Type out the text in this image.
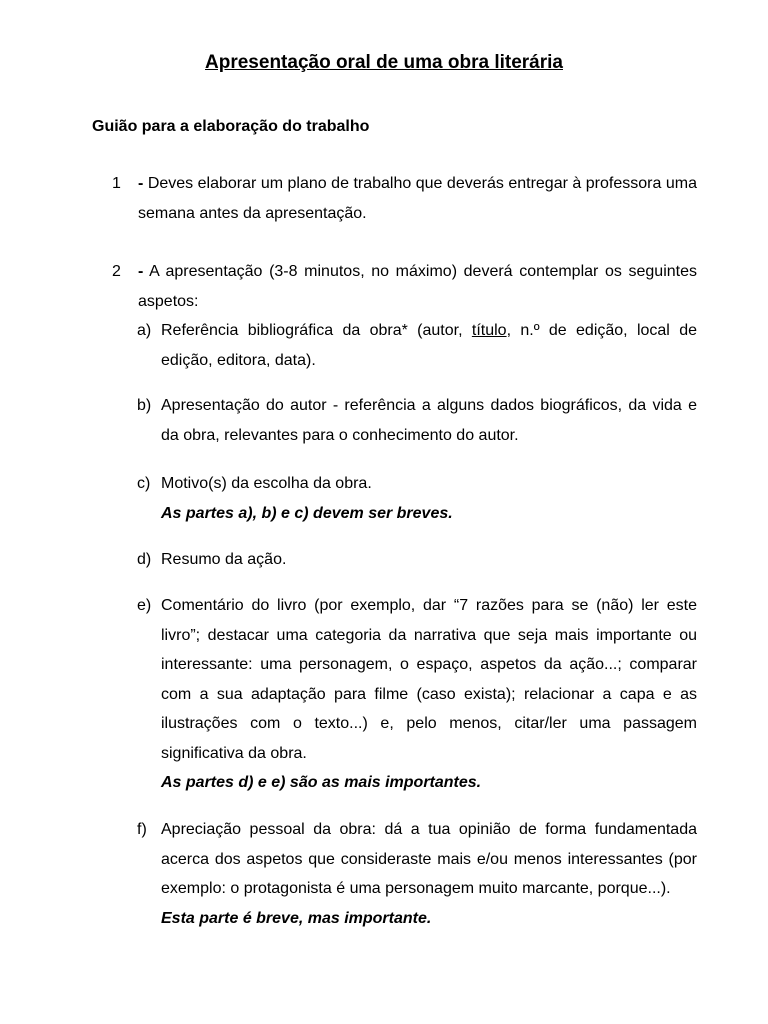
Apresentação oral de uma obra literária
Guião para a elaboração do trabalho
1 - Deves elaborar um plano de trabalho que deverás entregar à professora uma semana antes da apresentação.
2 - A apresentação (3-8 minutos, no máximo) deverá contemplar os seguintes aspetos:
a) Referência bibliográfica da obra* (autor, título, n.º de edição, local de edição, editora, data).
b) Apresentação do autor - referência a alguns dados biográficos, da vida e da obra, relevantes para o conhecimento do autor.
c) Motivo(s) da escolha da obra.
As partes a), b) e c) devem ser breves.
d) Resumo da ação.
e) Comentário do livro (por exemplo, dar “7 razões para se (não) ler este livro”; destacar uma categoria da narrativa que seja mais importante ou interessante: uma personagem, o espaço, aspetos da ação...; comparar com a sua adaptação para filme (caso exista); relacionar a capa e as ilustrações com o texto...) e, pelo menos, citar/ler uma passagem significativa da obra.
As partes d) e e) são as mais importantes.
f) Apreciação pessoal da obra: dá a tua opinião de forma fundamentada acerca dos aspetos que consideraste mais e/ou menos interessantes (por exemplo: o protagonista é uma personagem muito marcante, porque...).
Esta parte é breve, mas importante.
